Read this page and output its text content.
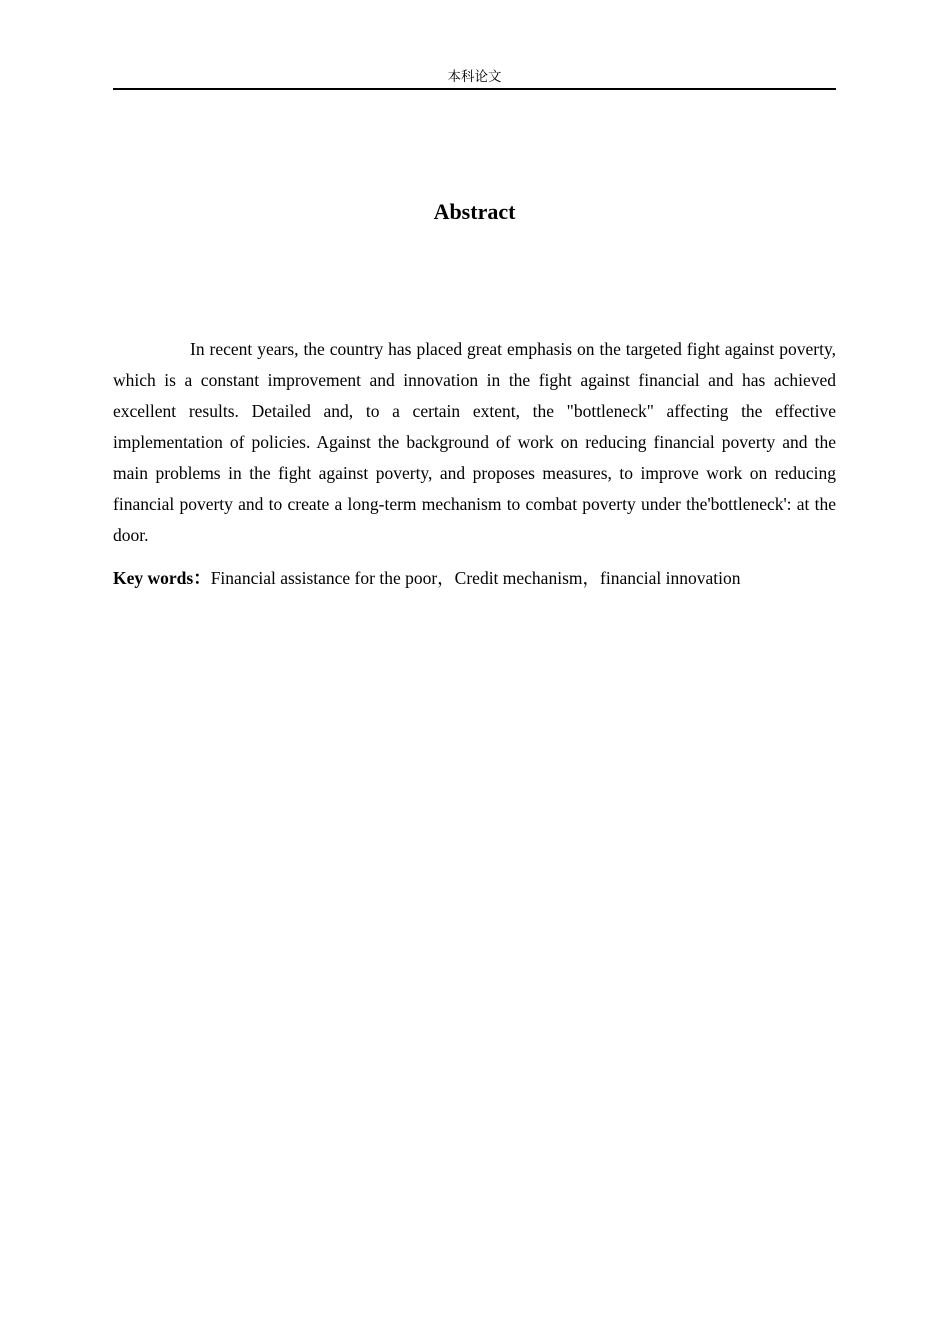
本科论文
Abstract

In recent years, the country has placed great emphasis on the targeted fight against poverty, which is a constant improvement and innovation in the fight against financial and has achieved excellent results. Detailed and, to a certain extent, the "bottleneck" affecting the effective implementation of policies. Against the background of work on reducing financial poverty and the main problems in the fight against poverty, and proposes measures, to improve work on reducing financial poverty and to create a long-term mechanism to combat poverty under the'bottleneck': at the door.

Key words：Financial assistance for the poor，Credit mechanism，financial innovation
